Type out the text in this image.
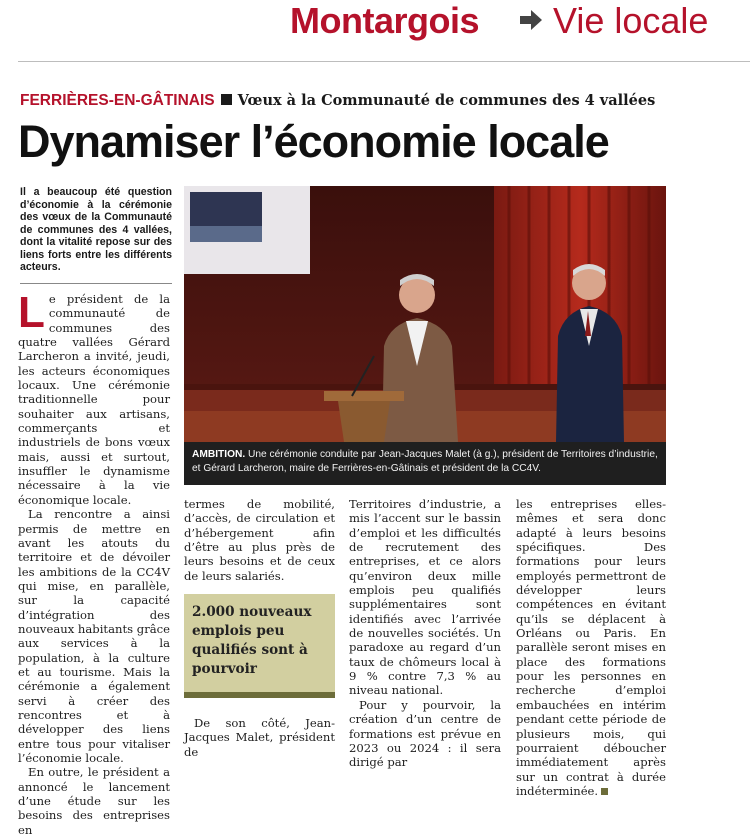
Montargois Vie locale
FERRIÈRES-EN-GÂTINAIS Vœux à la Communauté de communes des 4 vallées
Dynamiser l’économie locale
Il a beaucoup été question d’économie à la cérémonie des vœux de la Communauté de communes des 4 vallées, dont la vitalité repose sur des liens forts entre les différents acteurs.

Le président de la communauté de communes des quatre vallées Gérard Larcheron a invité, jeudi, les acteurs économiques locaux. Une cérémonie traditionnelle pour souhaiter aux artisans, commerçants et industriels de bons vœux mais, aussi et surtout, insuffler le dynamisme nécessaire à la vie économique locale.

La rencontre a ainsi permis de mettre en avant les atouts du territoire et de dévoiler les ambitions de la CC4V qui mise, en parallèle, sur la capacité d’intégration des nouveaux habitants grâce aux services à la population, à la culture et au tourisme. Mais la cérémonie a également servi à créer des rencontres et à développer des liens entre tous pour vitaliser l’économie locale.

En outre, le président a annoncé le lancement d’une étude sur les besoins des entreprises en

AMBITION. Une cérémonie conduite par Jean-Jacques Malet (à g.), président de Territoires d’industrie, et Gérard Larcheron, maire de Ferrières-en-Gâtinais et président de la CC4V.

termes de mobilité, d’accès, de circulation et d’hébergement afin d’être au plus près de leurs besoins et de ceux de leurs salariés.

2.000 nouveaux emplois peu qualifiés sont à pourvoir

De son côté, Jean-Jacques Malet, président de

Territoires d’industrie, a mis l’accent sur le bassin d’emploi et les difficultés de recrutement des entreprises, et ce alors qu’environ deux mille emplois peu qualifiés supplémentaires sont identifiés avec l’arrivée de nouvelles sociétés. Un paradoxe au regard d’un taux de chômeurs local à 9 % contre 7,3 % au niveau national.

Pour y pourvoir, la création d’un centre de formations est prévue en 2023 ou 2024 : il sera dirigé par

les entreprises elles-mêmes et sera donc adapté à leurs besoins spécifiques. Des formations pour leurs employés permettront de développer leurs compétences en évitant qu’ils se déplacent à Orléans ou Paris. En parallèle seront mises en place des formations pour les personnes en recherche d’emploi embauchées en intérim pendant cette période de plusieurs mois, qui pourraient déboucher immédiatement après sur un contrat à durée indéterminée.
